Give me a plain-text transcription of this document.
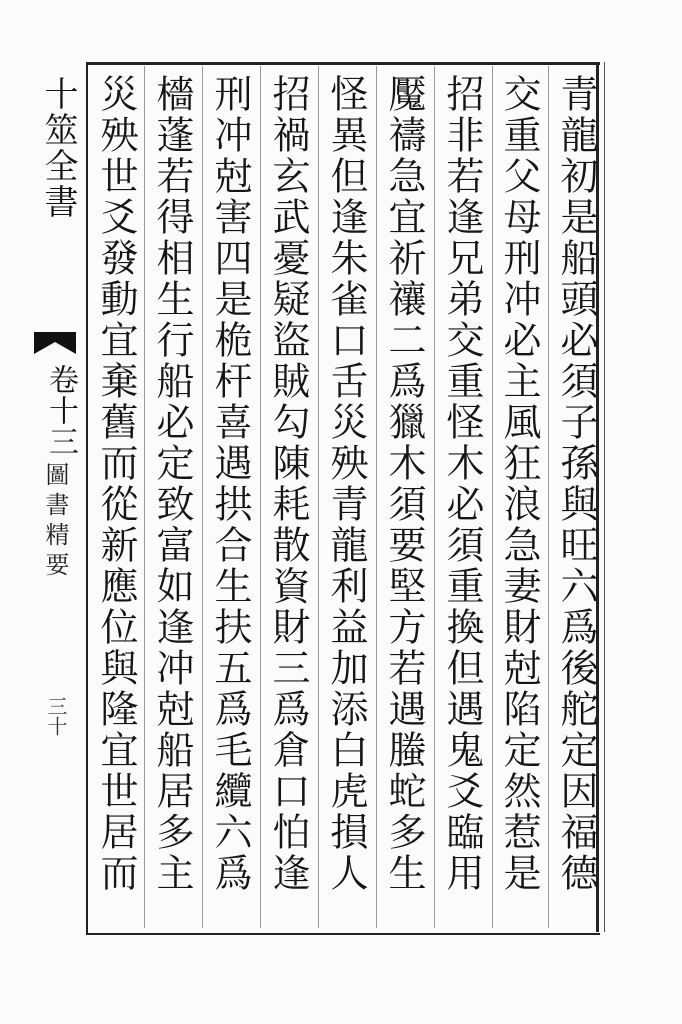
青龍初是船頭必須子孫與旺六爲後舵定因福德
交重父母刑冲必主風狂浪急妻財尅陷定然惹是
招非若逢兄弟交重怪木必須重換但遇鬼爻臨用
魘禱急宜祈禳二爲獵木須要堅方若遇螣蛇多生
怪異但逢朱雀口舌災殃青龍利益加添白虎損人
招禍玄武憂疑盜賊勾陳耗散資財三爲倉口怕逢
刑冲尅害四是桅杆喜遇拱合生扶五爲毛纜六爲
檣蓬若得相生行船必定致富如逢冲尅船居多主
災殃世爻發動宜棄舊而從新應位與隆宜世居而
十筮全書
卷十三
圖書精要
三十
